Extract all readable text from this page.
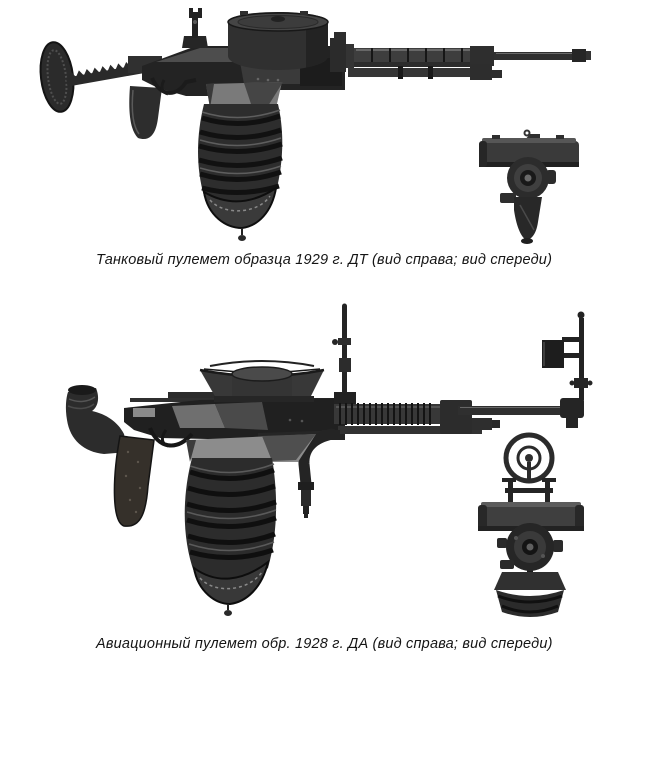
Танковый пулемет образца 1929 г. ДТ (вид справа; вид спереди)
Авиационный пулемет обр. 1928 г. ДА (вид справа; вид спереди)
